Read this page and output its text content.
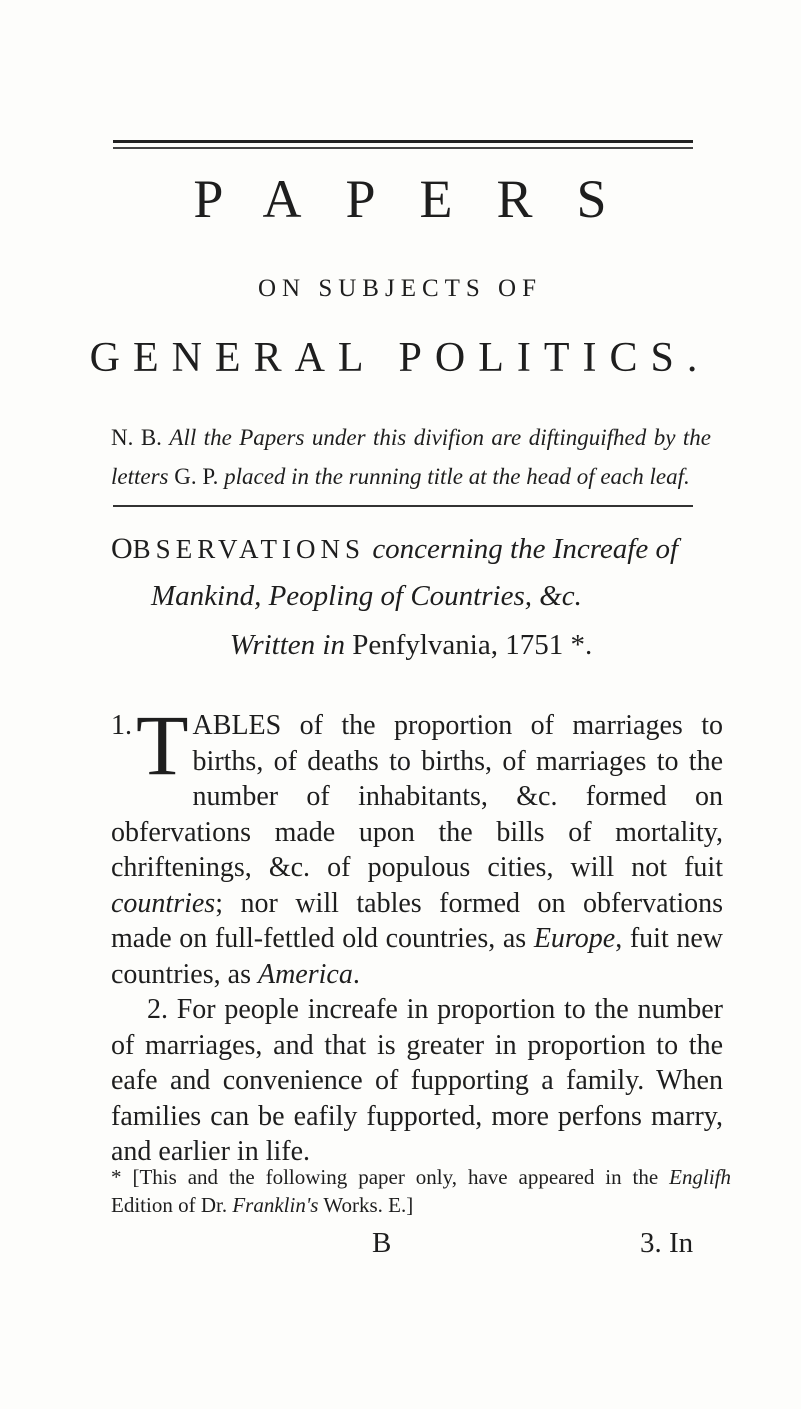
PAPERS
ON SUBJECTS OF
GENERAL POLITICS.
N. B. All the Papers under this divifion are diftinguifhed by the letters G. P. placed in the running title at the head of each leaf.
OBSERVATIONS concerning the Increafe of
Mankind, Peopling of Countries, &c.
Written in Penfylvania, 1751 *.

1. T ABLES of the proportion of marriages to births, of deaths to births, of marriages to the number of inhabitants, &c. formed on obfervations made upon the bills of mortality, chriftenings, &c. of populous cities, will not fuit countries; nor will tables formed on obfervations made on full-fettled old countries, as Europe, fuit new countries, as America.

2. For people increafe in proportion to the number of marriages, and that is greater in proportion to the eafe and convenience of fupporting a family. When families can be eafily fupported, more perfons marry, and earlier in life.

* [This and the following paper only, have appeared in the Englifh Edition of Dr. Franklin's Works. E.]
B	3. In
